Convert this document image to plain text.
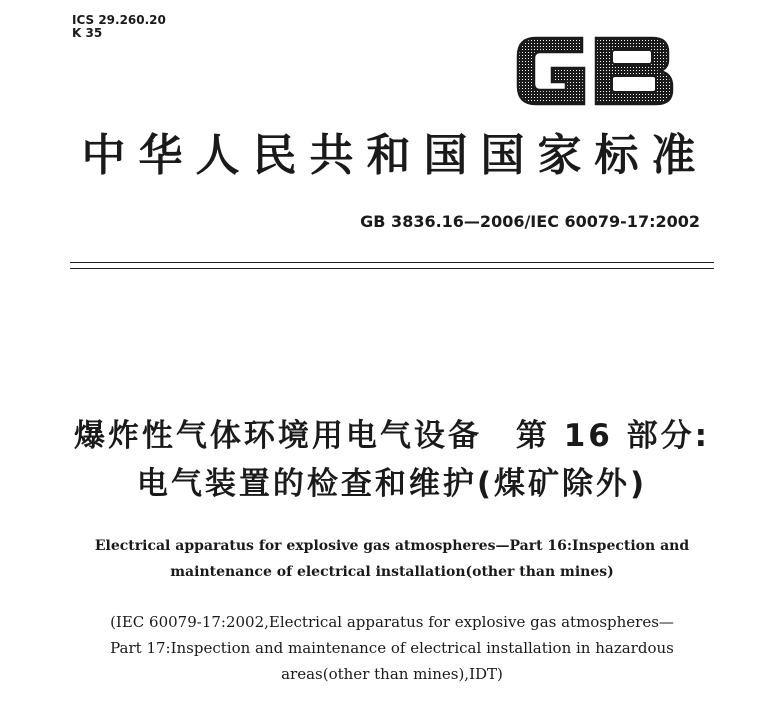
ICS 29.260.20
K 35
中华人民共和国国家标准
GB 3836.16—2006/IEC 60079-17:2002
爆炸性气体环境用电气设备　第 16 部分:
电气装置的检查和维护(煤矿除外)
Electrical apparatus for explosive gas atmospheres—Part 16:Inspection and
maintenance of electrical installation(other than mines)
(IEC 60079-17:2002,Electrical apparatus for explosive gas atmospheres—
Part 17:Inspection and maintenance of electrical installation in hazardous
areas(other than mines),IDT)
